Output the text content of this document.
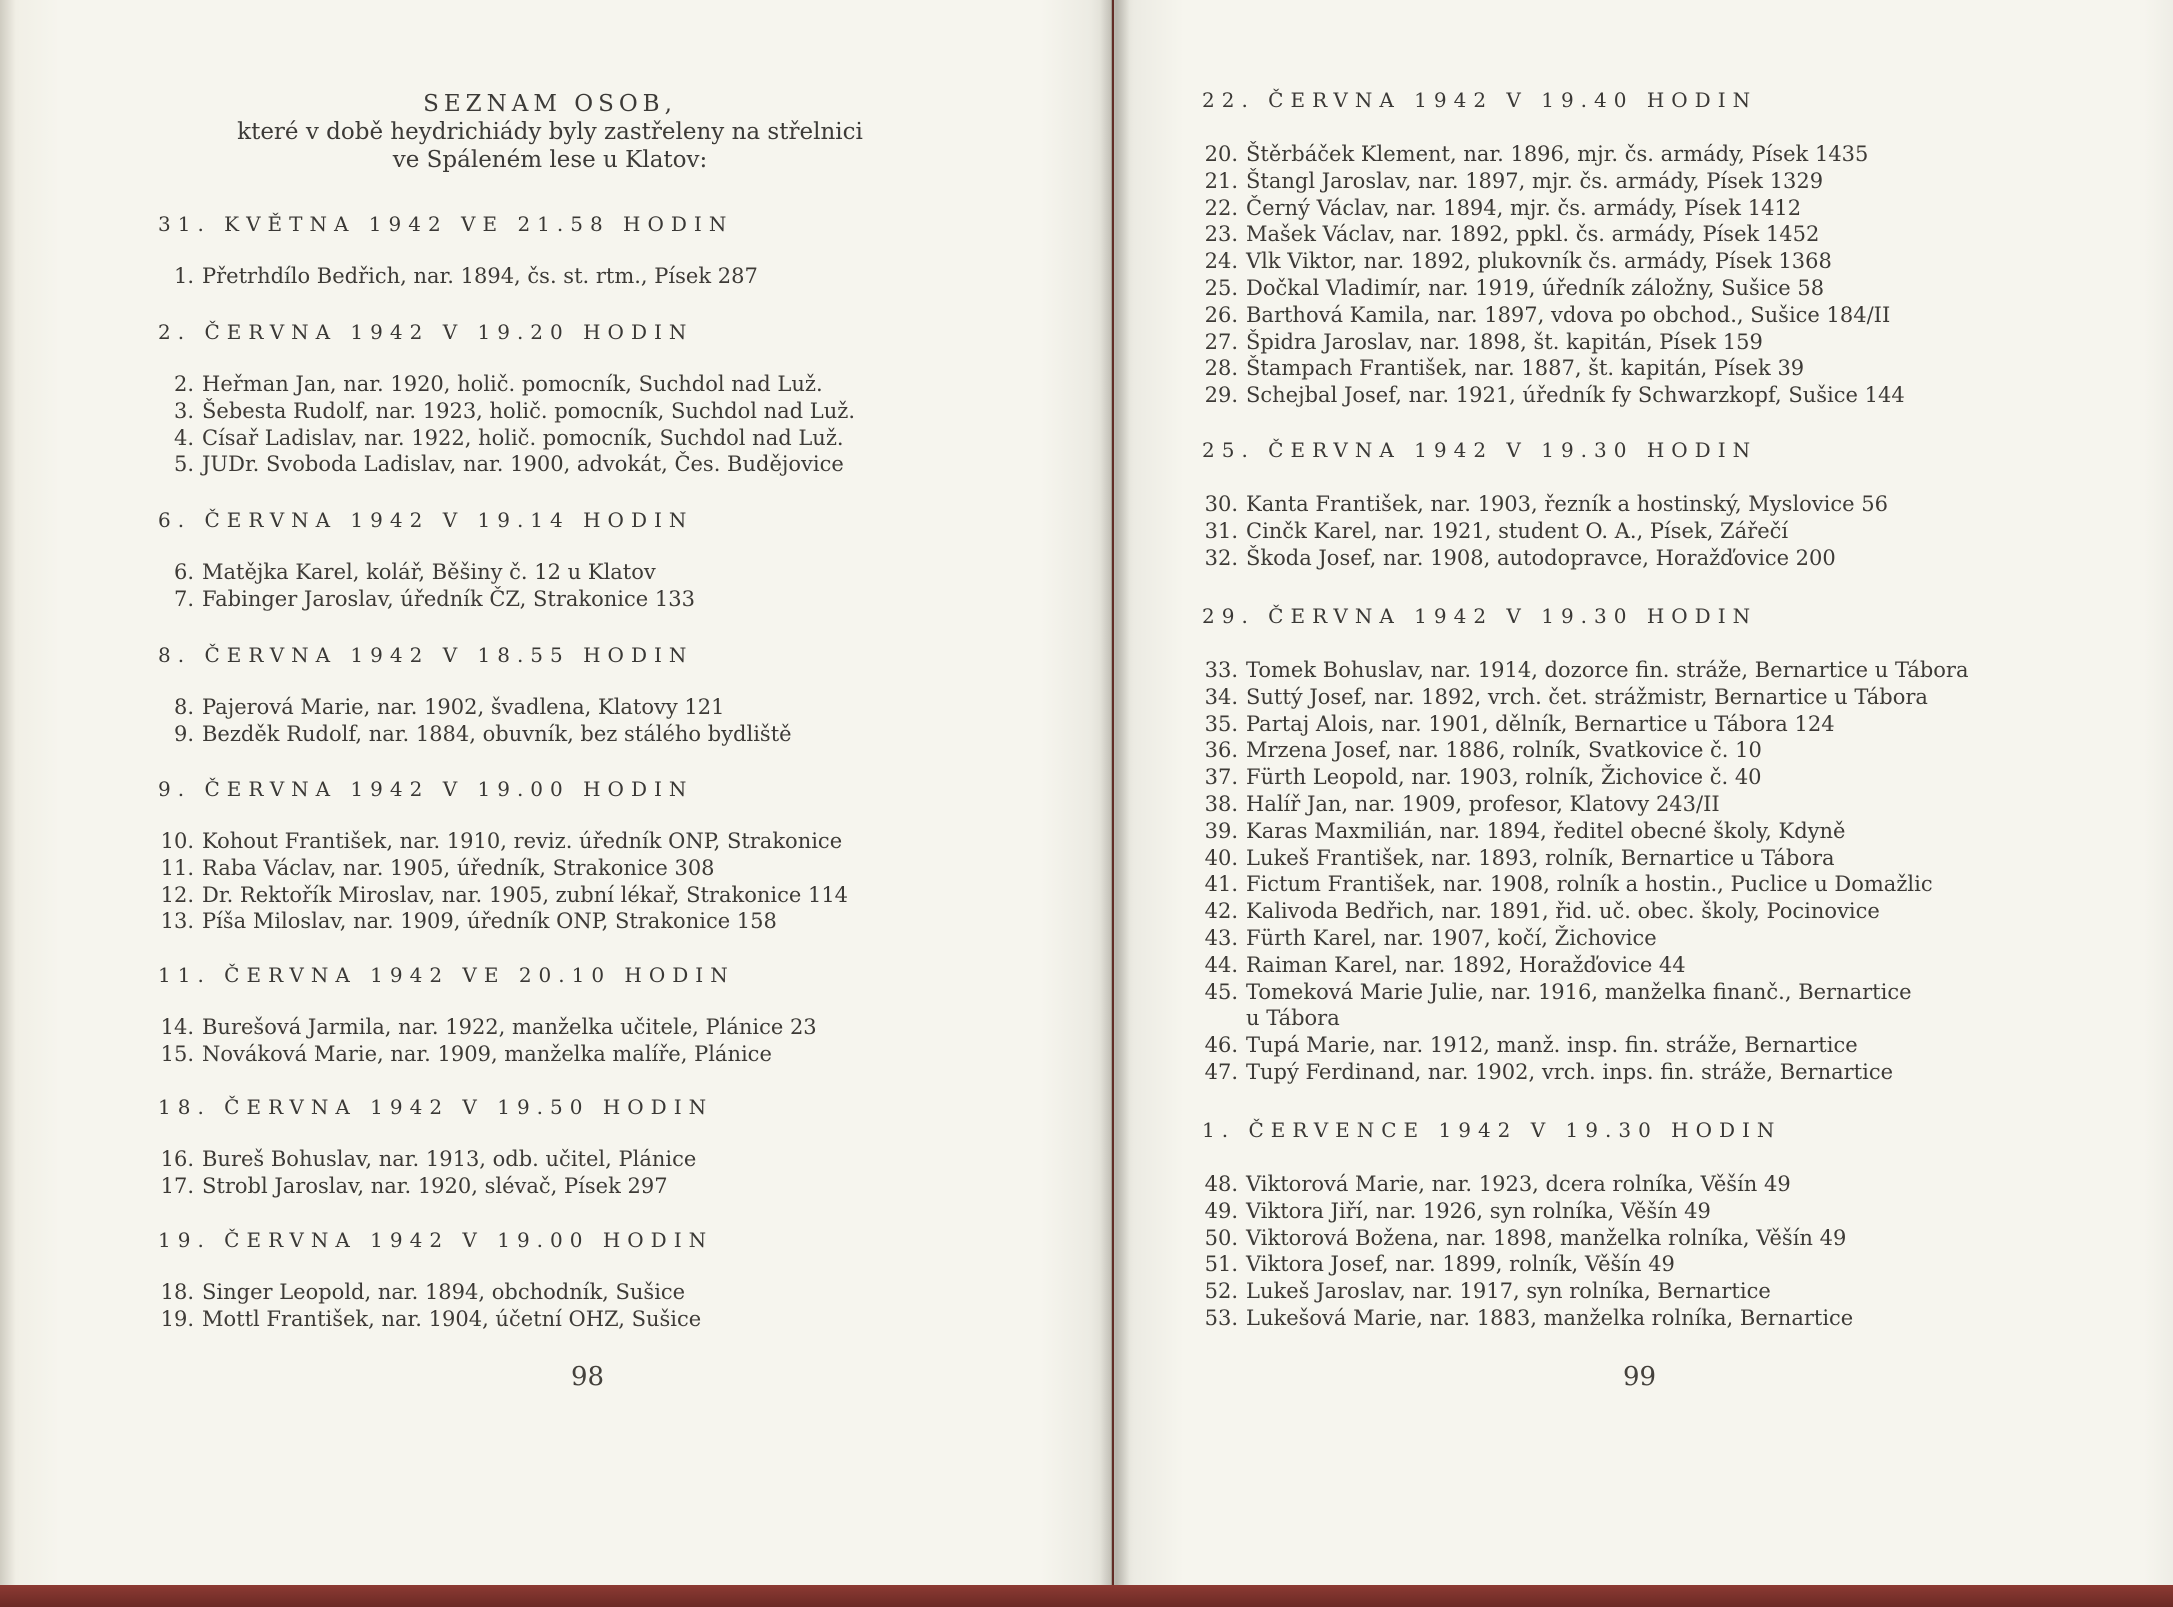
SEZNAM OSOB,
které v době heydrichiády byly zastřeleny na střelnici
ve Spáleném lese u Klatov:
31. KVĚTNA 1942 VE 21.58 HODIN
1. Přetrhdílo Bedřich, nar. 1894, čs. st. rtm., Písek 287
2. ČERVNA 1942 V 19.20 HODIN
2. Heřman Jan, nar. 1920, holič. pomocník, Suchdol nad Luž.
3. Šebesta Rudolf, nar. 1923, holič. pomocník, Suchdol nad Luž.
4. Císař Ladislav, nar. 1922, holič. pomocník, Suchdol nad Luž.
5. JUDr. Svoboda Ladislav, nar. 1900, advokát, Čes. Budějovice
6. ČERVNA 1942 V 19.14 HODIN
6. Matějka Karel, kolář, Běšiny č. 12 u Klatov
7. Fabinger Jaroslav, úředník ČZ, Strakonice 133
8. ČERVNA 1942 V 18.55 HODIN
8. Pajerová Marie, nar. 1902, švadlena, Klatovy 121
9. Bezděk Rudolf, nar. 1884, obuvník, bez stálého bydliště
9. ČERVNA 1942 V 19.00 HODIN
10. Kohout František, nar. 1910, reviz. úředník ONP, Strakonice
11. Raba Václav, nar. 1905, úředník, Strakonice 308
12. Dr. Rektořík Miroslav, nar. 1905, zubní lékař, Strakonice 114
13. Píša Miloslav, nar. 1909, úředník ONP, Strakonice 158
11. ČERVNA 1942 VE 20.10 HODIN
14. Burešová Jarmila, nar. 1922, manželka učitele, Plánice 23
15. Nováková Marie, nar. 1909, manželka malíře, Plánice
18. ČERVNA 1942 V 19.50 HODIN
16. Bureš Bohuslav, nar. 1913, odb. učitel, Plánice
17. Strobl Jaroslav, nar. 1920, slévač, Písek 297
19. ČERVNA 1942 V 19.00 HODIN
18. Singer Leopold, nar. 1894, obchodník, Sušice
19. Mottl František, nar. 1904, účetní OHZ, Sušice
98
22. ČERVNA 1942 V 19.40 HODIN
20. Štěrbáček Klement, nar. 1896, mjr. čs. armády, Písek 1435
21. Štangl Jaroslav, nar. 1897, mjr. čs. armády, Písek 1329
22. Černý Václav, nar. 1894, mjr. čs. armády, Písek 1412
23. Mašek Václav, nar. 1892, ppkl. čs. armády, Písek 1452
24. Vlk Viktor, nar. 1892, plukovník čs. armády, Písek 1368
25. Dočkal Vladimír, nar. 1919, úředník záložny, Sušice 58
26. Barthová Kamila, nar. 1897, vdova po obchod., Sušice 184/II
27. Špidra Jaroslav, nar. 1898, št. kapitán, Písek 159
28. Štampach František, nar. 1887, št. kapitán, Písek 39
29. Schejbal Josef, nar. 1921, úředník fy Schwarzkopf, Sušice 144
25. ČERVNA 1942 V 19.30 HODIN
30. Kanta František, nar. 1903, řezník a hostinský, Myslovice 56
31. Cinčk Karel, nar. 1921, student O. A., Písek, Zářečí
32. Škoda Josef, nar. 1908, autodopravce, Horažďovice 200
29. ČERVNA 1942 V 19.30 HODIN
33. Tomek Bohuslav, nar. 1914, dozorce fin. stráže, Bernartice u Tábora
34. Suttý Josef, nar. 1892, vrch. čet. strážmistr, Bernartice u Tábora
35. Partaj Alois, nar. 1901, dělník, Bernartice u Tábora 124
36. Mrzena Josef, nar. 1886, rolník, Svatkovice č. 10
37. Fürth Leopold, nar. 1903, rolník, Žichovice č. 40
38. Halíř Jan, nar. 1909, profesor, Klatovy 243/II
39. Karas Maxmilián, nar. 1894, ředitel obecné školy, Kdyně
40. Lukeš František, nar. 1893, rolník, Bernartice u Tábora
41. Fictum František, nar. 1908, rolník a hostin., Puclice u Domažlic
42. Kalivoda Bedřich, nar. 1891, řid. uč. obec. školy, Pocinovice
43. Fürth Karel, nar. 1907, kočí, Žichovice
44. Raiman Karel, nar. 1892, Horažďovice 44
45. Tomeková Marie Julie, nar. 1916, manželka finanč., Bernartice
u Tábora
46. Tupá Marie, nar. 1912, manž. insp. fin. stráže, Bernartice
47. Tupý Ferdinand, nar. 1902, vrch. inps. fin. stráže, Bernartice
1. ČERVENCE 1942 V 19.30 HODIN
48. Viktorová Marie, nar. 1923, dcera rolníka, Věšín 49
49. Viktora Jiří, nar. 1926, syn rolníka, Věšín 49
50. Viktorová Božena, nar. 1898, manželka rolníka, Věšín 49
51. Viktora Josef, nar. 1899, rolník, Věšín 49
52. Lukeš Jaroslav, nar. 1917, syn rolníka, Bernartice
53. Lukešová Marie, nar. 1883, manželka rolníka, Bernartice
99
